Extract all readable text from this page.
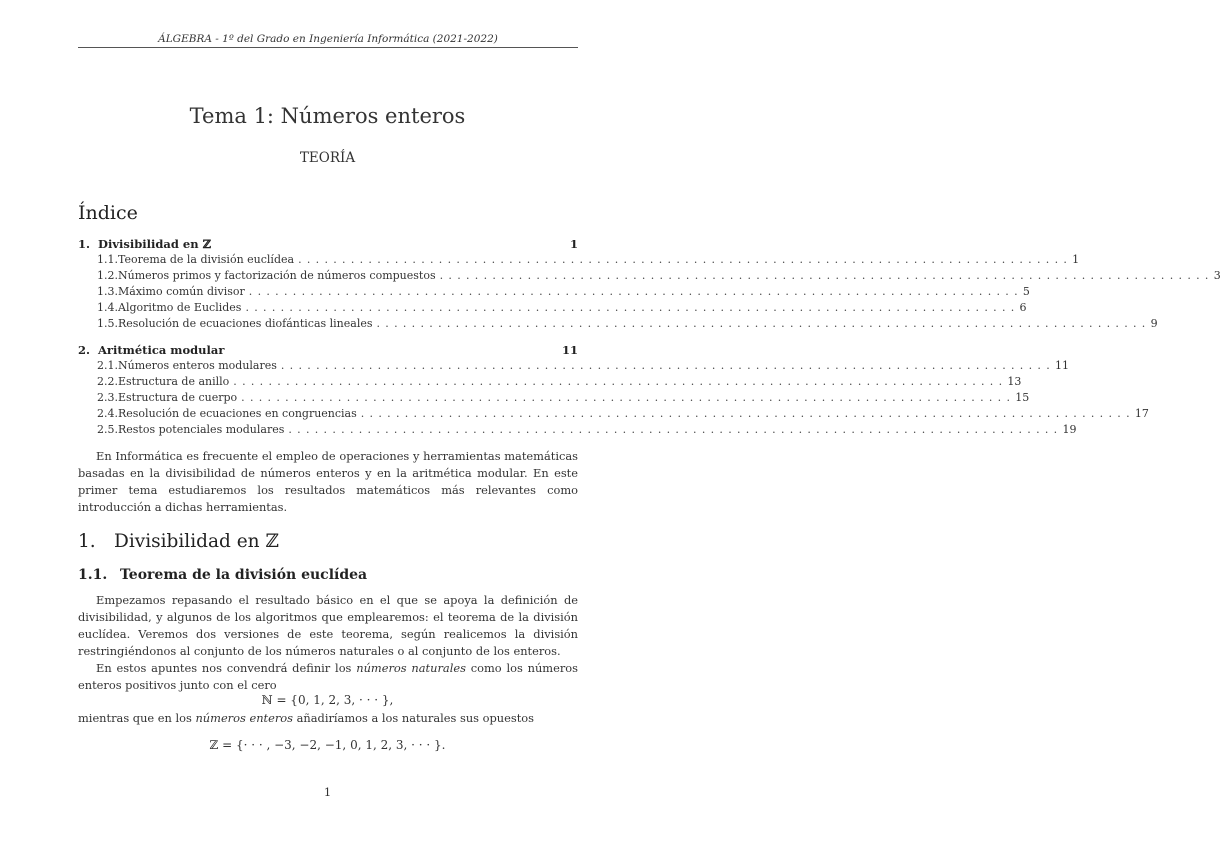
ÁLGEBRA - 1º del Grado en Ingeniería Informática (2021-2022)
Tema 1: Números enteros
TEORÍA
Índice
1. Divisibilidad en ℤ	1
1.1. Teorema de la división euclídea ........................................................................................ 1
1.2. Números primos y factorización de números compuestos ........................................................................................ 3
1.3. Máximo común divisor ........................................................................................ 5
1.4. Algoritmo de Euclides ........................................................................................ 6
1.5. Resolución de ecuaciones diofánticas lineales ........................................................................................ 9
2. Aritmética modular	11
2.1. Números enteros modulares ........................................................................................ 11
2.2. Estructura de anillo ........................................................................................ 13
2.3. Estructura de cuerpo ........................................................................................ 15
2.4. Resolución de ecuaciones en congruencias ........................................................................................ 17
2.5. Restos potenciales modulares ........................................................................................ 19
En Informática es frecuente el empleo de operaciones y herramientas matemáticas basadas en la divisibilidad de números enteros y en la aritmética modular. En este primer tema estudiaremos los resultados matemáticos más relevantes como introducción a dichas herramientas.
1. Divisibilidad en ℤ
1.1. Teorema de la división euclídea
Empezamos repasando el resultado básico en el que se apoya la definición de divisibilidad, y algunos de los algoritmos que emplearemos: el teorema de la división euclídea. Veremos dos versiones de este teorema, según realicemos la división restringiéndonos al conjunto de los números naturales o al conjunto de los enteros.
En estos apuntes nos convendrá definir los números naturales como los números enteros positivos junto con el cero
ℕ = {0, 1, 2, 3, · · · },
mientras que en los números enteros añadiríamos a los naturales sus opuestos
ℤ = {· · · , −3, −2, −1, 0, 1, 2, 3, · · · }.
1
